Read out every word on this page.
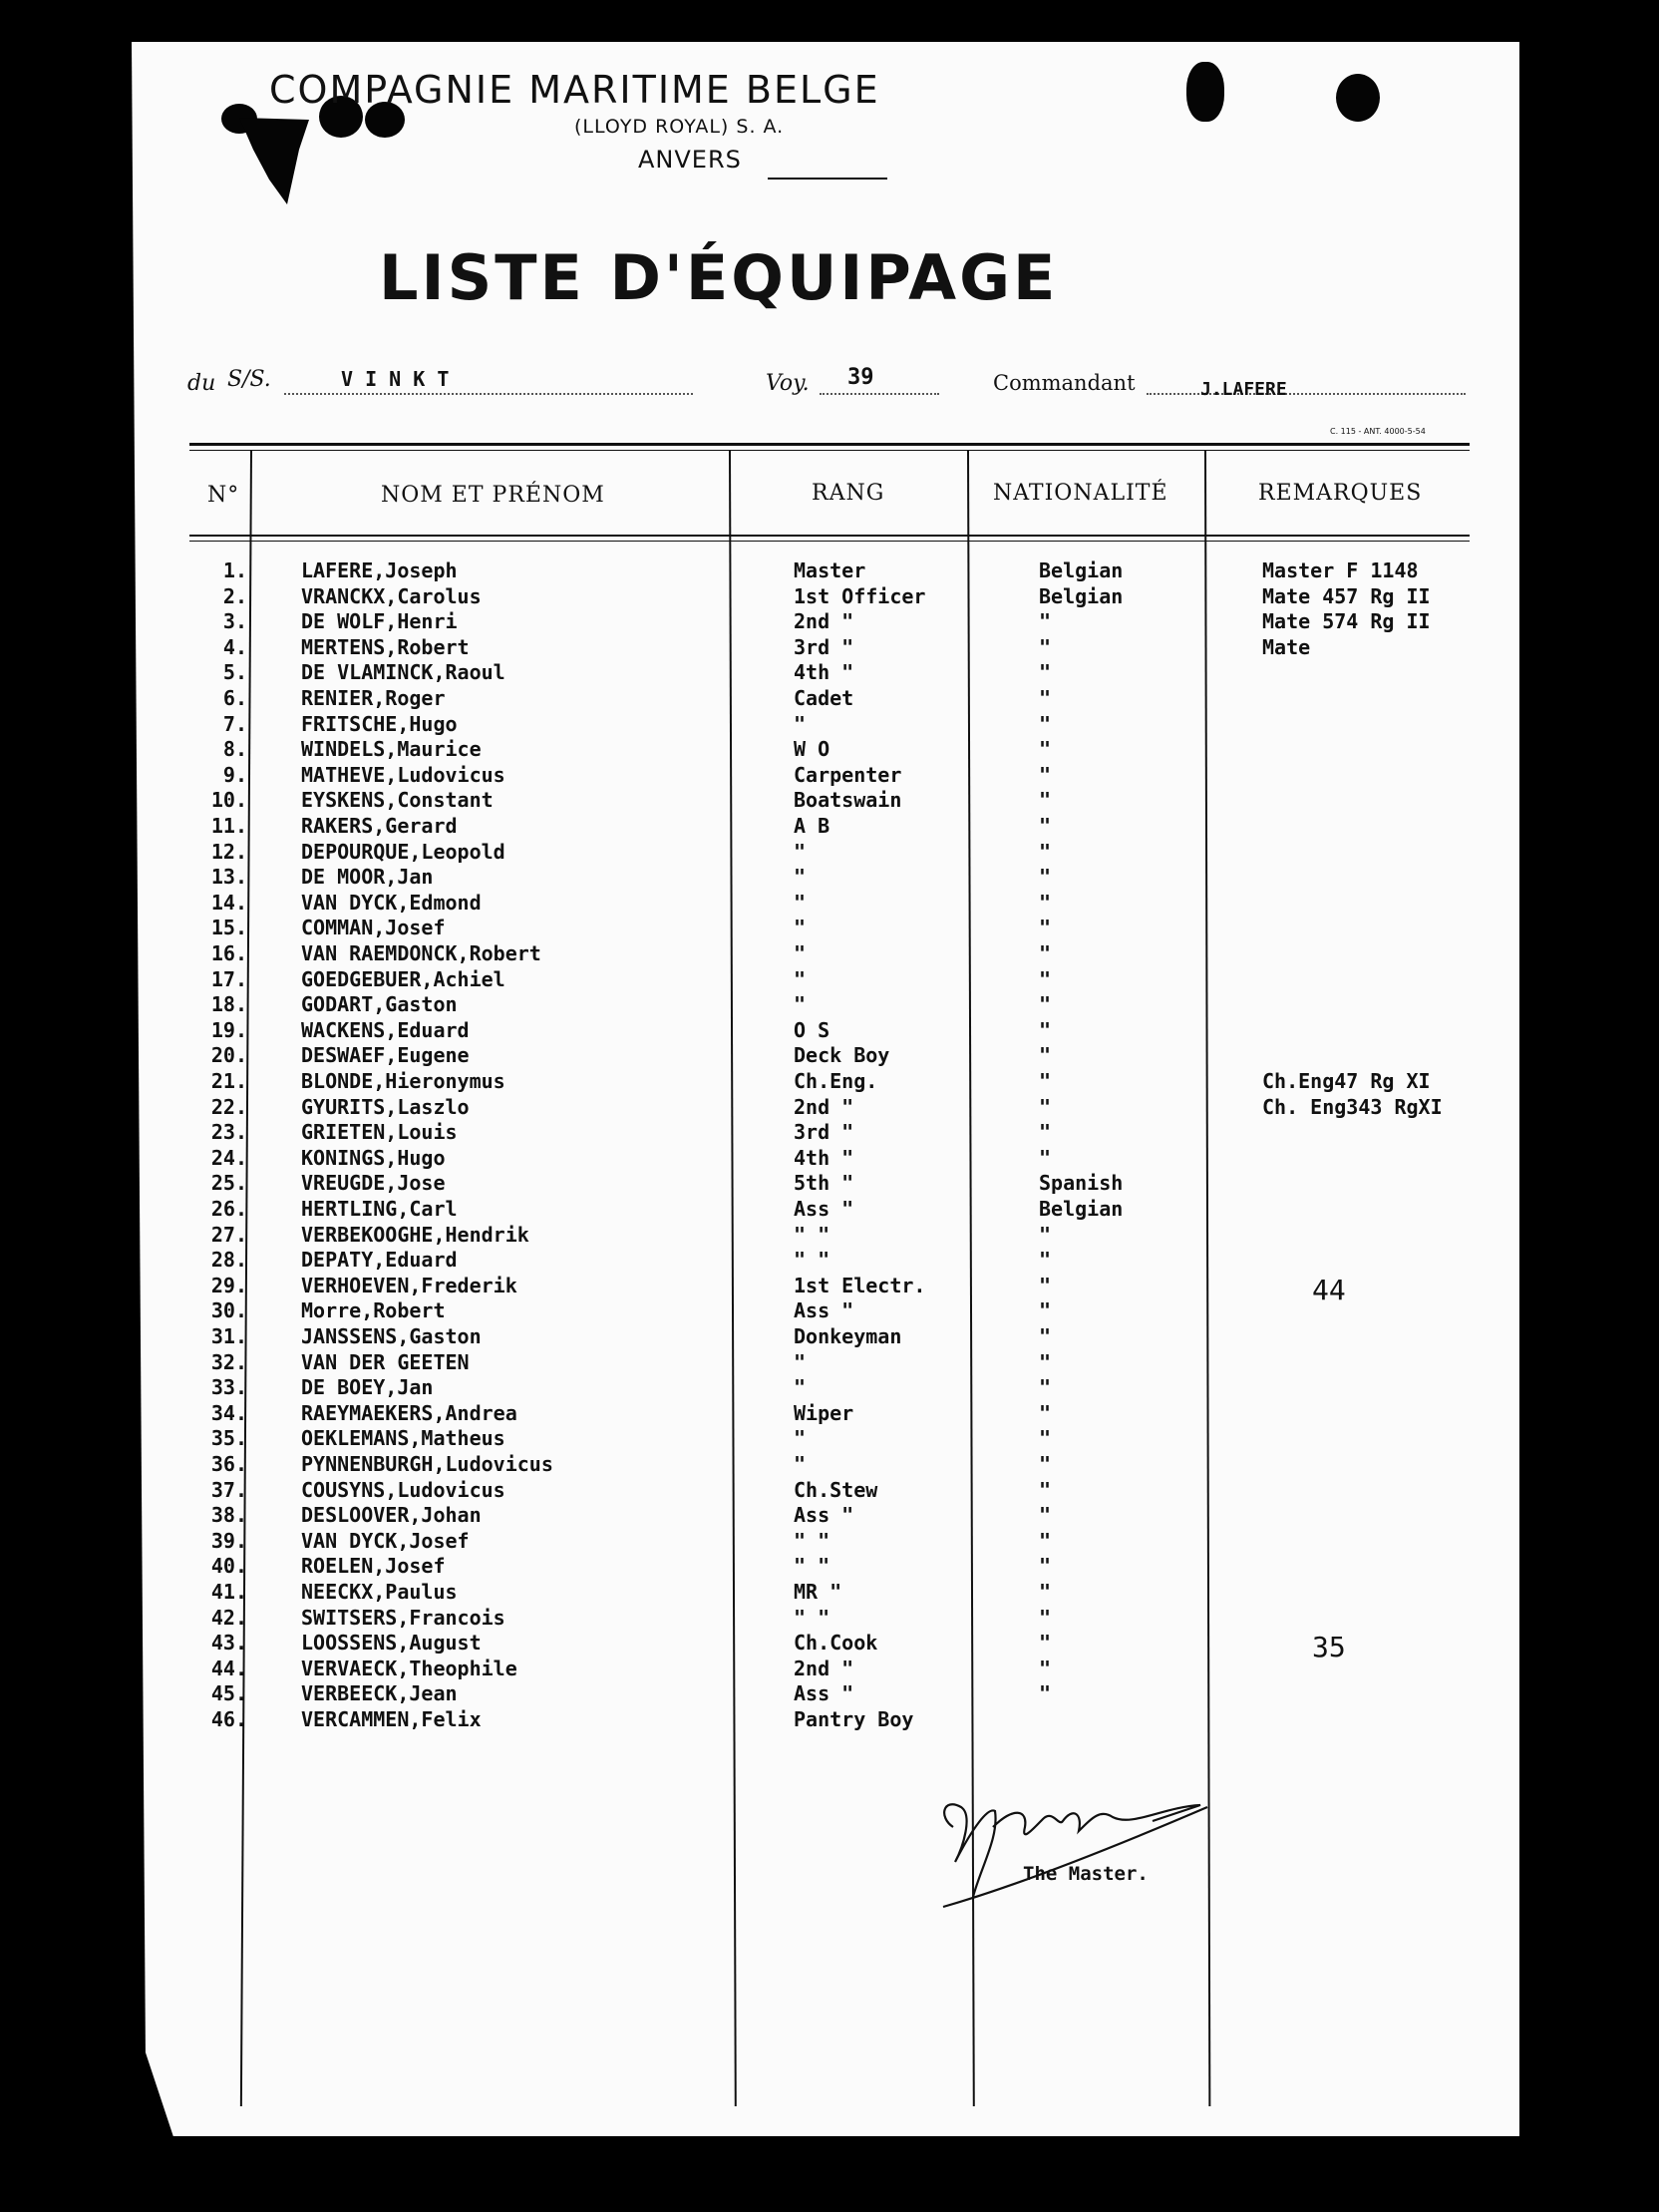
COMPAGNIE MARITIME BELGE
(LLOYD ROYAL) S. A.
ANVERS
LISTE D'ÉQUIPAGE
du S/S.	V I N K T	Voy. 39	Commandant	J.LAFERE
C. 115 - ANT. 4000-5-54
N°	NOM ET PRÉNOM	RANG	NATIONALITÉ	REMARQUES
1.	LAFERE,Joseph	Master	Belgian	Master F 1148
2.	VRANCKX,Carolus	1st Officer	Belgian	Mate 457 Rg II
3.	DE WOLF,Henri	2nd "	"	Mate 574 Rg II
4.	MERTENS,Robert	3rd "	"	Mate
5.	DE VLAMINCK,Raoul	4th "	"
6.	RENIER,Roger	Cadet	"
7.	FRITSCHE,Hugo	"	"
8.	WINDELS,Maurice	W O	"
9.	MATHEVE,Ludovicus	Carpenter	"
10.	EYSKENS,Constant	Boatswain	"
11.	RAKERS,Gerard	A B	"
12.	DEPOURQUE,Leopold	"	"
13.	DE MOOR,Jan	"	"
14.	VAN DYCK,Edmond	"	"
15.	COMMAN,Josef	"	"
16.	VAN RAEMDONCK,Robert	"	"
17.	GOEDGEBUER,Achiel	"	"
18.	GODART,Gaston	"	"
19.	WACKENS,Eduard	O S	"
20.	DESWAEF,Eugene	Deck Boy	"
21.	BLONDE,Hieronymus	Ch.Eng.	"	Ch.Eng47 Rg XI
22.	GYURITS,Laszlo	2nd "	"	Ch. Eng343 RgXI
23.	GRIETEN,Louis	3rd "	"
24.	KONINGS,Hugo	4th "	"
25.	VREUGDE,Jose	5th "	Spanish
26.	HERTLING,Carl	Ass "	Belgian
27.	VERBEKOOGHE,Hendrik	" "	"
28.	DEPATY,Eduard	" "	"
29.	VERHOEVEN,Frederik	1st Electr.	"	44
30.	Morre,Robert	Ass "	"
31.	JANSSENS,Gaston	Donkeyman	"
32.	VAN DER GEETEN	"	"
33.	DE BOEY,Jan	"	"
34.	RAEYMAEKERS,Andrea	Wiper	"
35.	OEKLEMANS,Matheus	"	"
36.	PYNNENBURGH,Ludovicus	"	"
37.	COUSYNS,Ludovicus	Ch.Stew	"
38.	DESLOOVER,Johan	Ass "	"
39.	VAN DYCK,Josef	" "	"
40.	ROELEN,Josef	" "	"
41.	NEECKX,Paulus	MR "	"
42.	SWITSERS,Francois	" "	"
43.	LOOSSENS,August	Ch.Cook	"	35
44.	VERVAECK,Theophile	2nd "	"
45.	VERBEECK,Jean	Ass "	"
46.	VERCAMMEN,Felix	Pantry Boy
The Master.
